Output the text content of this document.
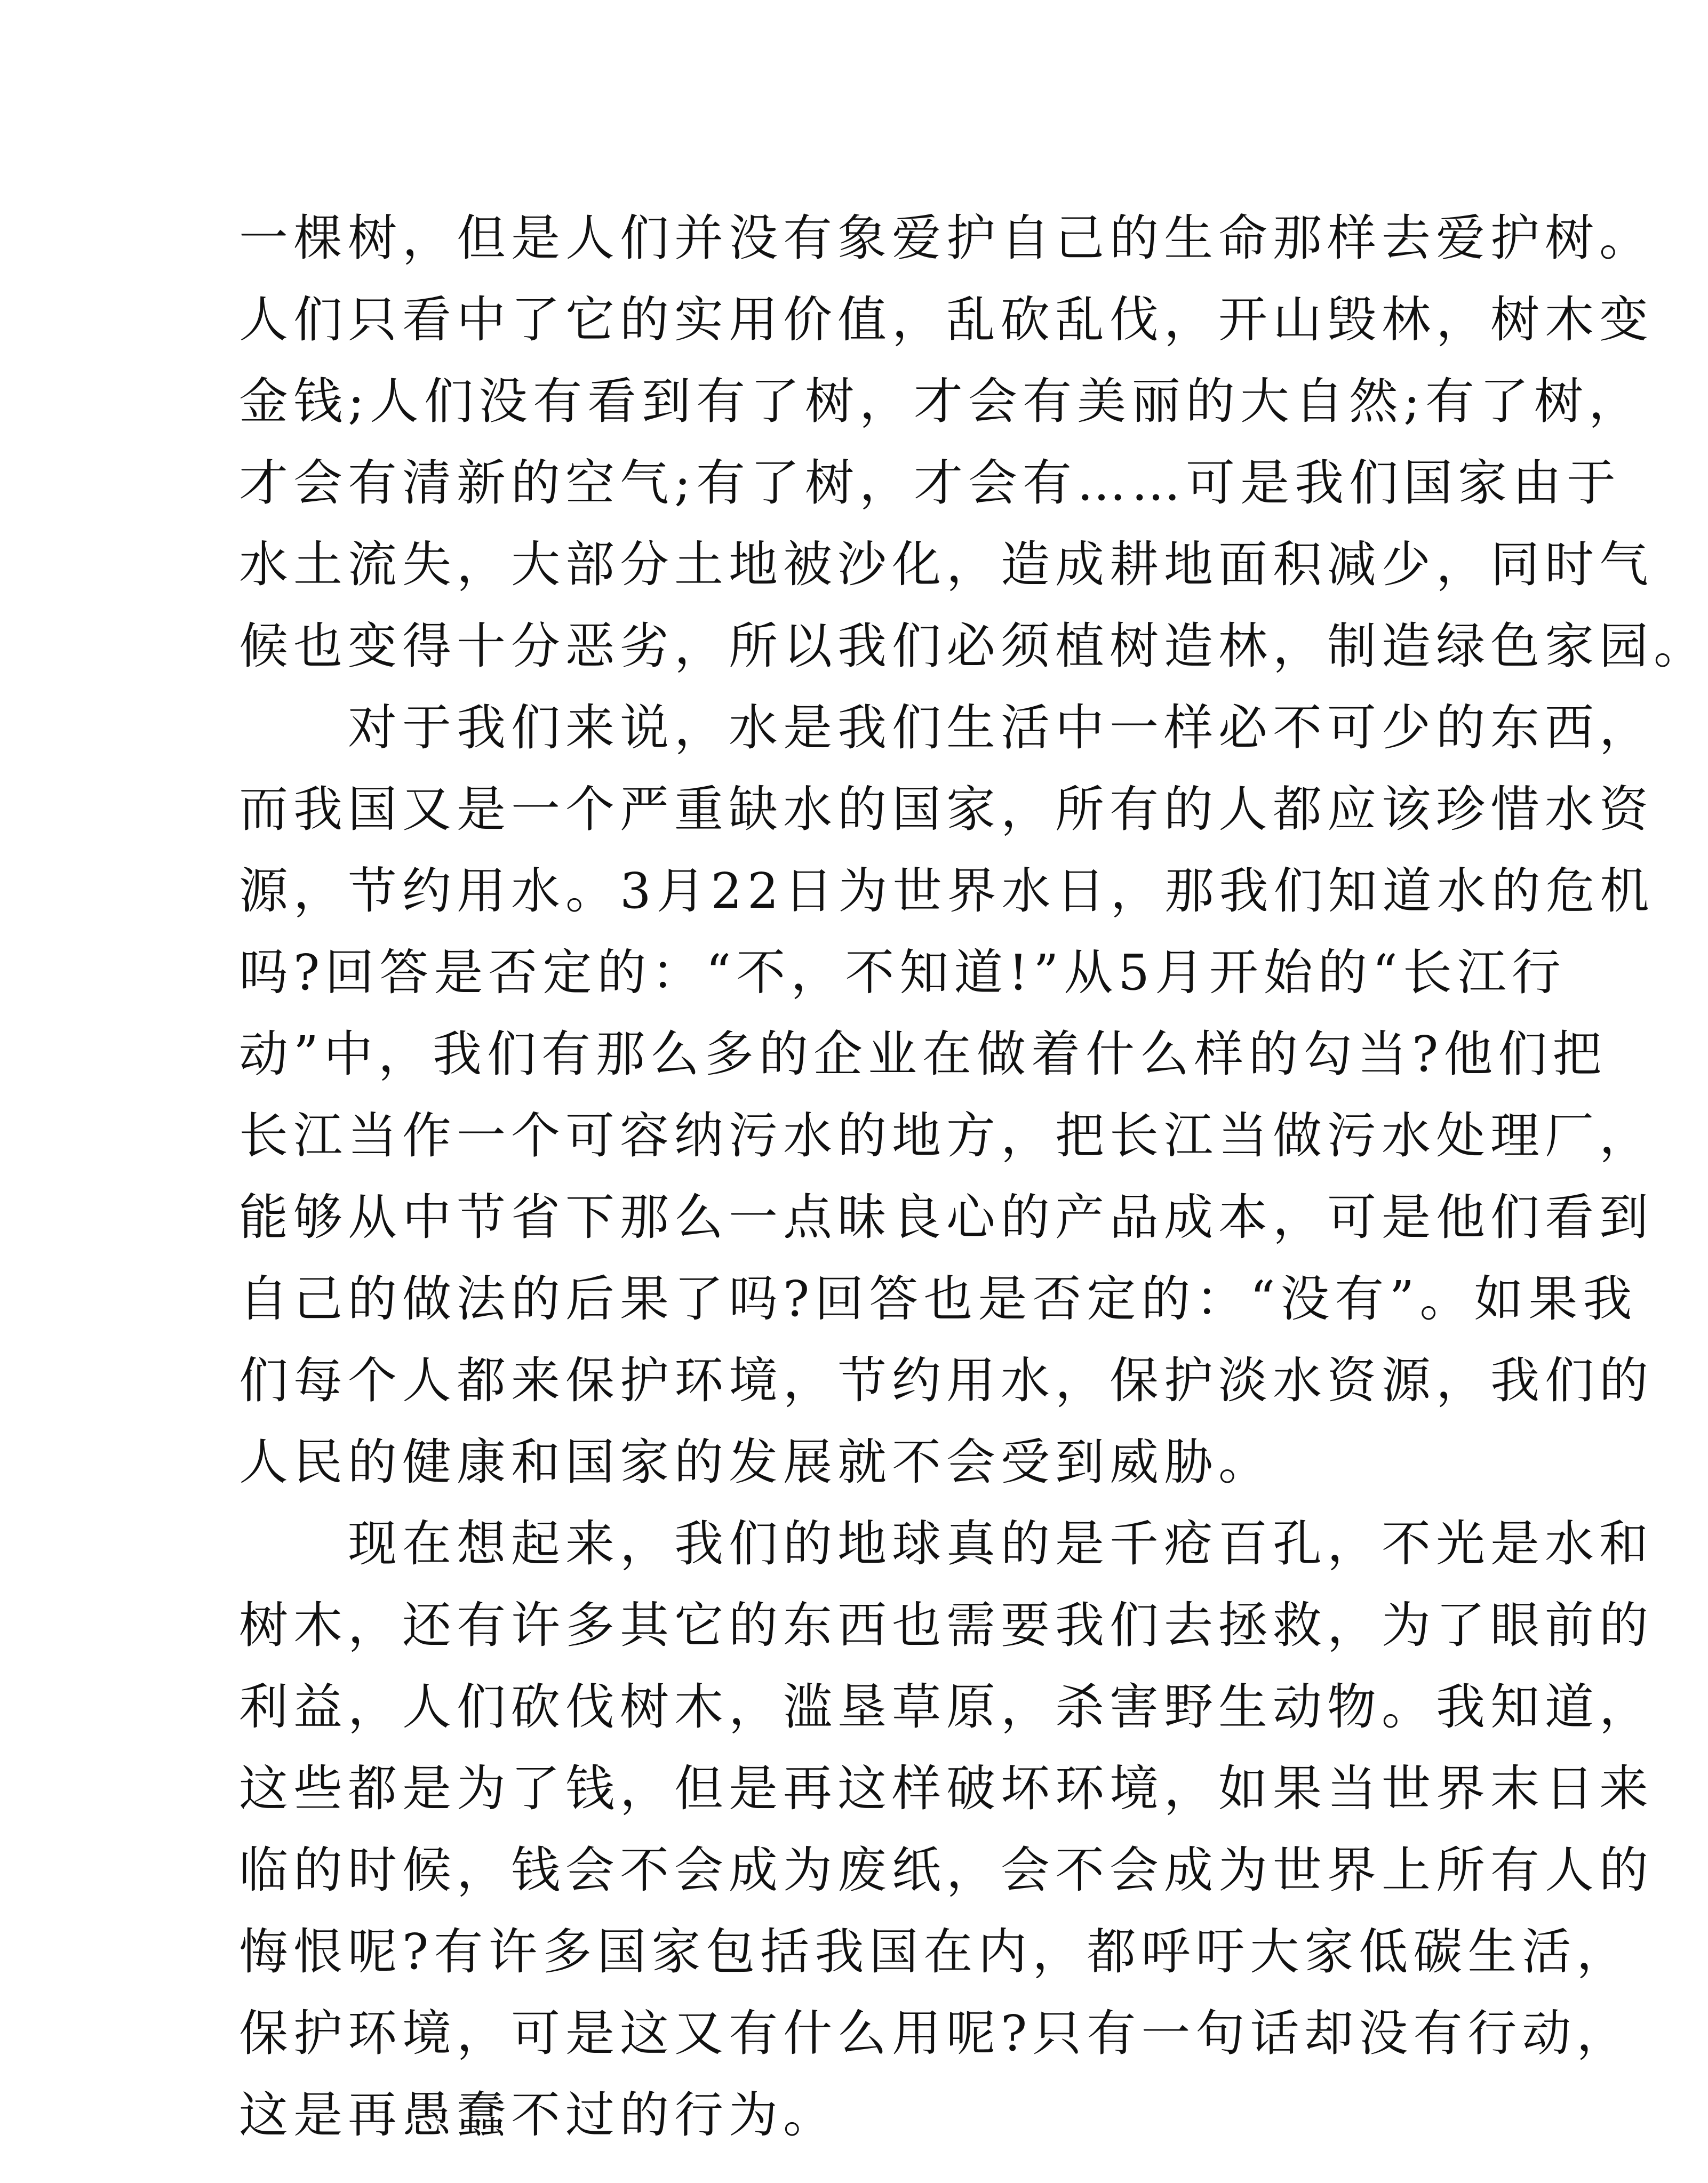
一棵树，但是人们并没有象爱护自己的生命那样去爱护树。
人们只看中了它的实用价值，乱砍乱伐，开山毁林，树木变
金钱;人们没有看到有了树，才会有美丽的大自然;有了树，
才会有清新的空气;有了树，才会有……可是我们国家由于
水土流失，大部分土地被沙化，造成耕地面积减少，同时气
候也变得十分恶劣，所以我们必须植树造林，制造绿色家园。
对于我们来说，水是我们生活中一样必不可少的东西，
而我国又是一个严重缺水的国家，所有的人都应该珍惜水资
源，节约用水。3月22日为世界水日，那我们知道水的危机
吗?回答是否定的：“不，不知道!”从5月开始的“长江行
动”中，我们有那么多的企业在做着什么样的勾当?他们把
长江当作一个可容纳污水的地方，把长江当做污水处理厂，
能够从中节省下那么一点昧良心的产品成本，可是他们看到
自己的做法的后果了吗?回答也是否定的：“没有”。如果我
们每个人都来保护环境，节约用水，保护淡水资源，我们的
人民的健康和国家的发展就不会受到威胁。
现在想起来，我们的地球真的是千疮百孔，不光是水和
树木，还有许多其它的东西也需要我们去拯救，为了眼前的
利益，人们砍伐树木，滥垦草原，杀害野生动物。我知道，
这些都是为了钱，但是再这样破坏环境，如果当世界末日来
临的时候，钱会不会成为废纸，会不会成为世界上所有人的
悔恨呢?有许多国家包括我国在内，都呼吁大家低碳生活，
保护环境，可是这又有什么用呢?只有一句话却没有行动，
这是再愚蠢不过的行为。
